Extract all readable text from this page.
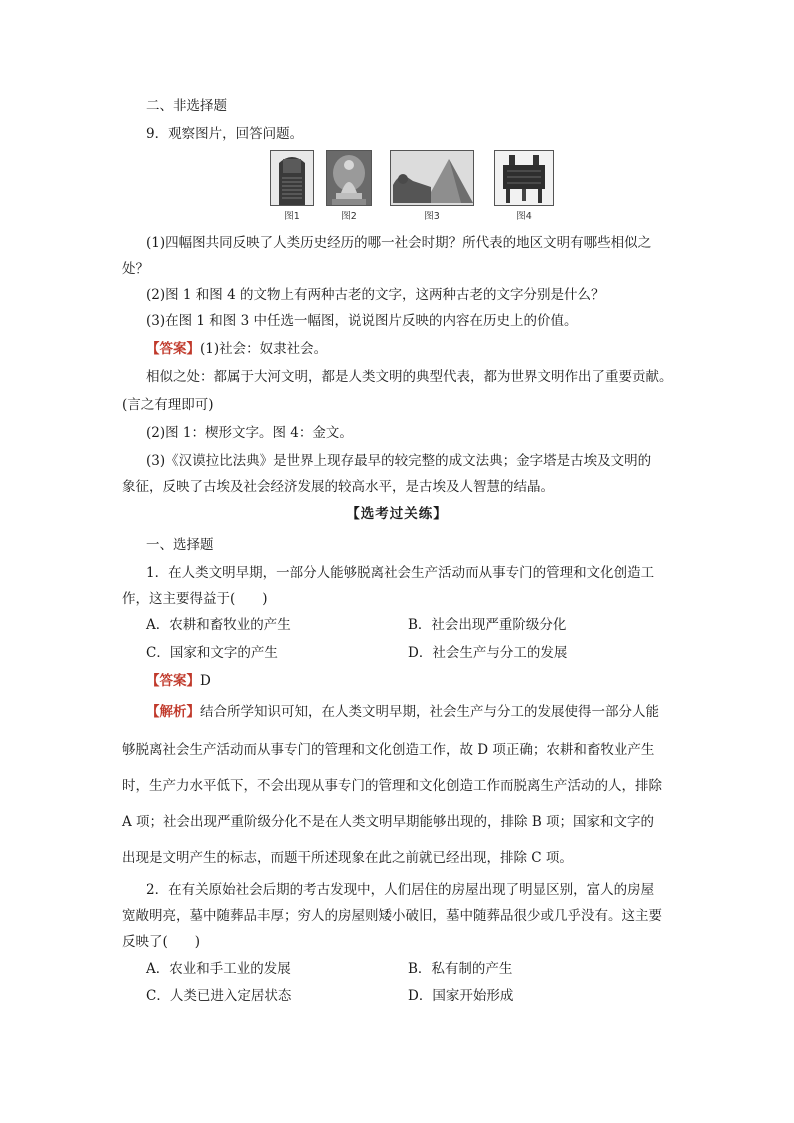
二、非选择题
9．观察图片，回答问题。
图1	图2	图3	图4
(1)四幅图共同反映了人类历史经历的哪一社会时期？所代表的地区文明有哪些相似之
处？
(2)图 1 和图 4 的文物上有两种古老的文字，这两种古老的文字分别是什么？
(3)在图 1 和图 3 中任选一幅图，说说图片反映的内容在历史上的价值。
【答案】(1)社会：奴隶社会。
相似之处：都属于大河文明，都是人类文明的典型代表，都为世界文明作出了重要贡献。
(言之有理即可)
(2)图 1：楔形文字。图 4：金文。
(3)《汉谟拉比法典》是世界上现存最早的较完整的成文法典；金字塔是古埃及文明的
象征，反映了古埃及社会经济发展的较高水平，是古埃及人智慧的结晶。
【选考过关练】
一、选择题
1．在人类文明早期，一部分人能够脱离社会生产活动而从事专门的管理和文化创造工
作，这主要得益于(　　)
A．农耕和畜牧业的产生	B．社会出现严重阶级分化
C．国家和文字的产生	D．社会生产与分工的发展
【答案】D
【解析】结合所学知识可知，在人类文明早期，社会生产与分工的发展使得一部分人能
够脱离社会生产活动而从事专门的管理和文化创造工作，故 D 项正确；农耕和畜牧业产生
时，生产力水平低下，不会出现从事专门的管理和文化创造工作而脱离生产活动的人，排除
A 项；社会出现严重阶级分化不是在人类文明早期能够出现的，排除 B 项；国家和文字的
出现是文明产生的标志，而题干所述现象在此之前就已经出现，排除 C 项。
2．在有关原始社会后期的考古发现中，人们居住的房屋出现了明显区别，富人的房屋
宽敞明亮，墓中随葬品丰厚；穷人的房屋则矮小破旧，墓中随葬品很少或几乎没有。这主要
反映了(　　)
A．农业和手工业的发展	B．私有制的产生
C．人类已进入定居状态	D．国家开始形成
